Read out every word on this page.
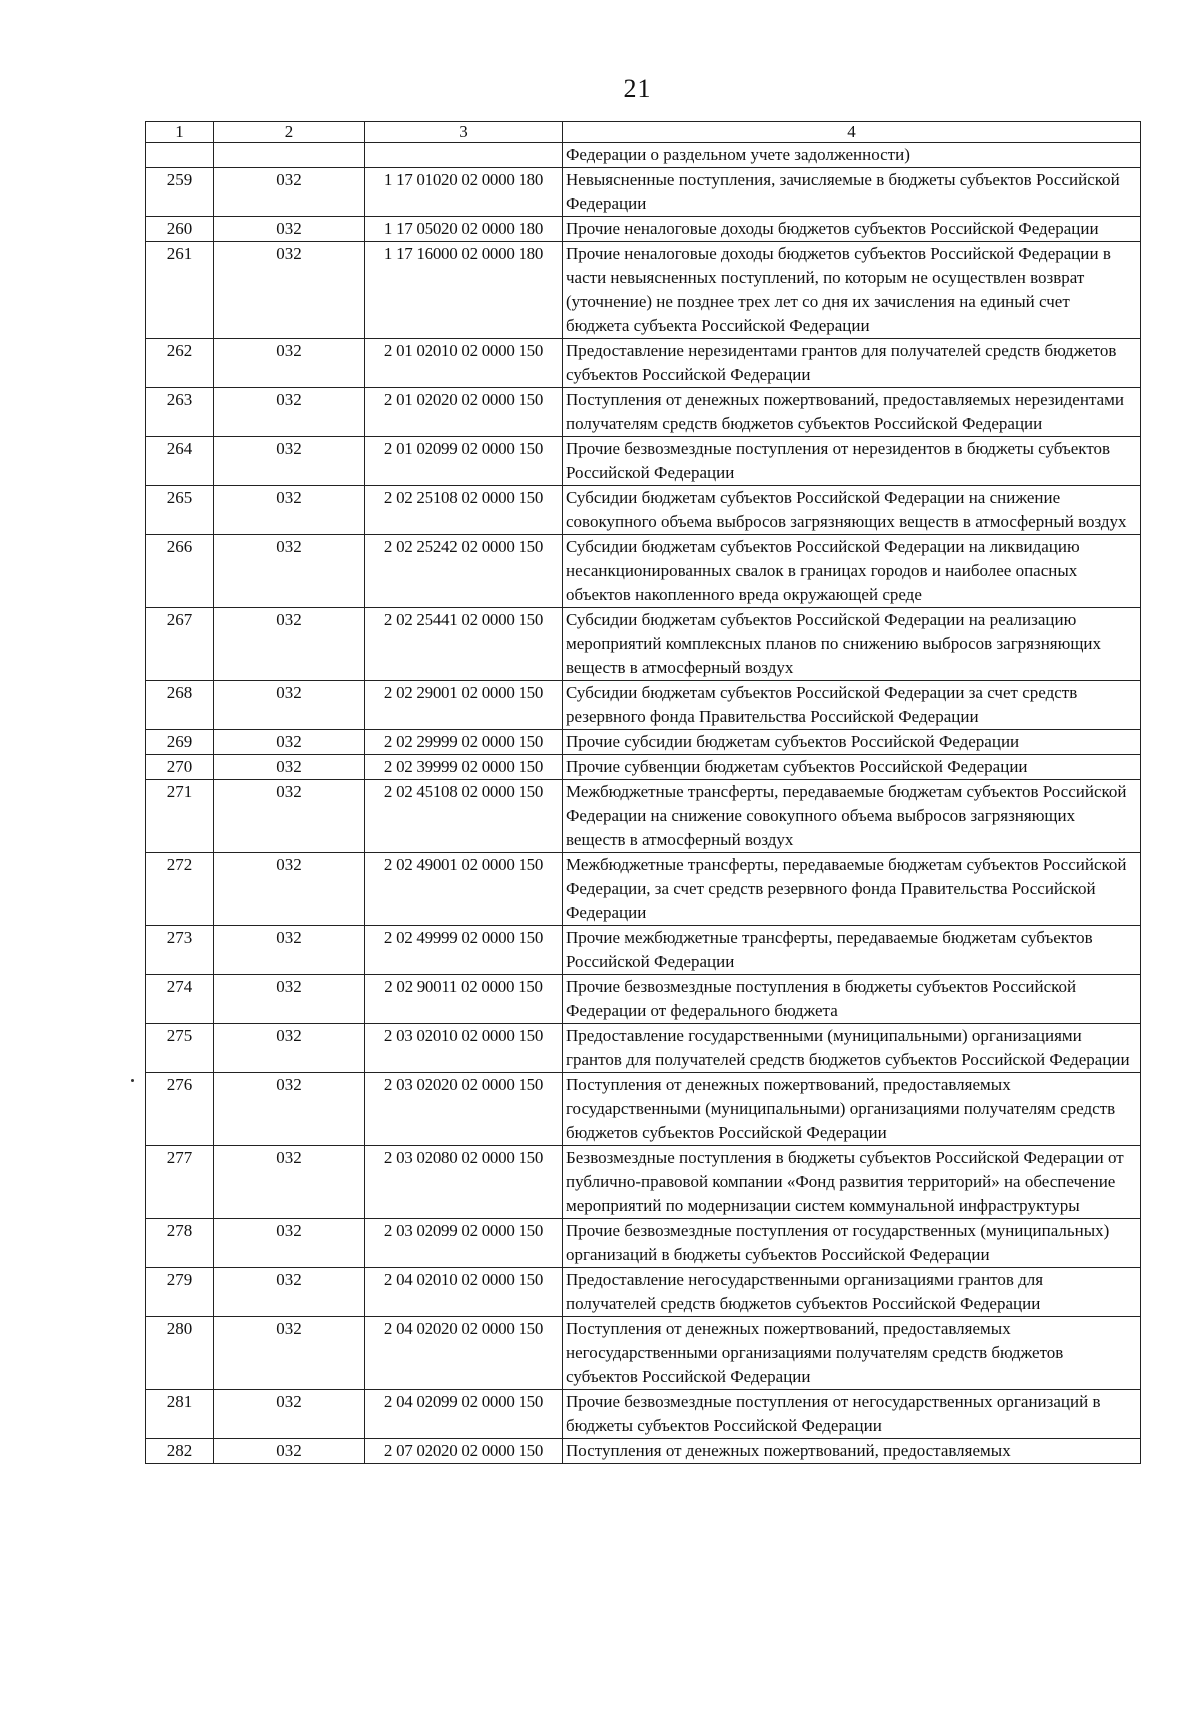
21
1	2	3	4
			Федерации о раздельном учете задолженности)
259	032	1 17 01020 02 0000 180	Невыясненные поступления, зачисляемые в бюджеты субъектов Российской Федерации
260	032	1 17 05020 02 0000 180	Прочие неналоговые доходы бюджетов субъектов Российской Федерации
261	032	1 17 16000 02 0000 180	Прочие неналоговые доходы бюджетов субъектов Российской Федерации в части невыясненных поступлений, по которым не осуществлен возврат (уточнение) не позднее трех лет со дня их зачисления на единый счет бюджета субъекта Российской Федерации
262	032	2 01 02010 02 0000 150	Предоставление нерезидентами грантов для получателей средств бюджетов субъектов Российской Федерации
263	032	2 01 02020 02 0000 150	Поступления от денежных пожертвований, предоставляемых нерезидентами получателям средств бюджетов субъектов Российской Федерации
264	032	2 01 02099 02 0000 150	Прочие безвозмездные поступления от нерезидентов в бюджеты субъектов Российской Федерации
265	032	2 02 25108 02 0000 150	Субсидии бюджетам субъектов Российской Федерации на снижение совокупного объема выбросов загрязняющих веществ в атмосферный воздух
266	032	2 02 25242 02 0000 150	Субсидии бюджетам субъектов Российской Федерации на ликвидацию несанкционированных свалок в границах городов и наиболее опасных объектов накопленного вреда окружающей среде
267	032	2 02 25441 02 0000 150	Субсидии бюджетам субъектов Российской Федерации на реализацию мероприятий комплексных планов по снижению выбросов загрязняющих веществ в атмосферный воздух
268	032	2 02 29001 02 0000 150	Субсидии бюджетам субъектов Российской Федерации за счет средств резервного фонда Правительства Российской Федерации
269	032	2 02 29999 02 0000 150	Прочие субсидии бюджетам субъектов Российской Федерации
270	032	2 02 39999 02 0000 150	Прочие субвенции бюджетам субъектов Российской Федерации
271	032	2 02 45108 02 0000 150	Межбюджетные трансферты, передаваемые бюджетам субъектов Российской Федерации на снижение совокупного объема выбросов загрязняющих веществ в атмосферный воздух
272	032	2 02 49001 02 0000 150	Межбюджетные трансферты, передаваемые бюджетам субъектов Российской Федерации, за счет средств резервного фонда Правительства Российской Федерации
273	032	2 02 49999 02 0000 150	Прочие межбюджетные трансферты, передаваемые бюджетам субъектов Российской Федерации
274	032	2 02 90011 02 0000 150	Прочие безвозмездные поступления в бюджеты субъектов Российской Федерации от федерального бюджета
275	032	2 03 02010 02 0000 150	Предоставление государственными (муниципальными) организациями грантов для получателей средств бюджетов субъектов Российской Федерации
276	032	2 03 02020 02 0000 150	Поступления от денежных пожертвований, предоставляемых государственными (муниципальными) организациями получателям средств бюджетов субъектов Российской Федерации
277	032	2 03 02080 02 0000 150	Безвозмездные поступления в бюджеты субъектов Российской Федерации от публично-правовой компании «Фонд развития территорий» на обеспечение мероприятий по модернизации систем коммунальной инфраструктуры
278	032	2 03 02099 02 0000 150	Прочие безвозмездные поступления от государственных (муниципальных) организаций в бюджеты субъектов Российской Федерации
279	032	2 04 02010 02 0000 150	Предоставление негосударственными организациями грантов для получателей средств бюджетов субъектов Российской Федерации
280	032	2 04 02020 02 0000 150	Поступления от денежных пожертвований, предоставляемых негосударственными организациями получателям средств бюджетов субъектов Российской Федерации
281	032	2 04 02099 02 0000 150	Прочие безвозмездные поступления от негосударственных организаций в бюджеты субъектов Российской Федерации
282	032	2 07 02020 02 0000 150	Поступления от денежных пожертвований, предоставляемых
